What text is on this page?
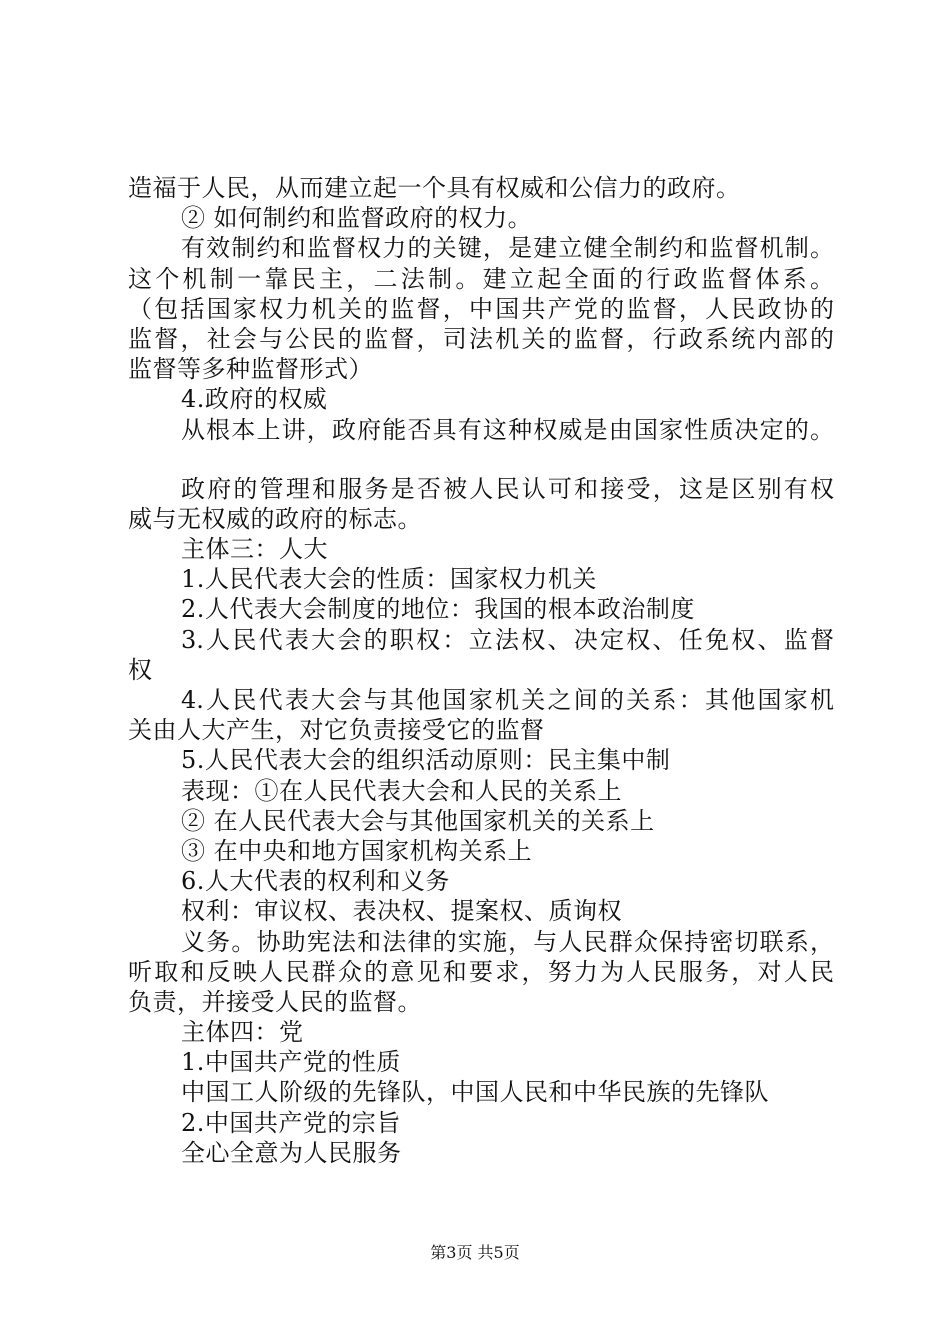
造福于人民，从而建立起一个具有权威和公信力的政府。
② 如何制约和监督政府的权力。
有效制约和监督权力的关键，是建立健全制约和监督机制。
这个机制一靠民主，二法制。建立起全面的行政监督体系。
（包括国家权力机关的监督，中国共产党的监督，人民政协的
监督，社会与公民的监督，司法机关的监督，行政系统内部的
监督等多种监督形式）
4.政府的权威
从根本上讲，政府能否具有这种权威是由国家性质决定的。
政府的管理和服务是否被人民认可和接受，这是区别有权
威与无权威的政府的标志。
主体三：人大
1.人民代表大会的性质：国家权力机关
2.人代表大会制度的地位：我国的根本政治制度
3.人民代表大会的职权：立法权、决定权、任免权、监督
权
4.人民代表大会与其他国家机关之间的关系：其他国家机
关由人大产生，对它负责接受它的监督
5.人民代表大会的组织活动原则：民主集中制
表现：①在人民代表大会和人民的关系上
② 在人民代表大会与其他国家机关的关系上
③ 在中央和地方国家机构关系上
6.人大代表的权利和义务
权利：审议权、表决权、提案权、质询权
义务。协助宪法和法律的实施，与人民群众保持密切联系，
听取和反映人民群众的意见和要求，努力为人民服务，对人民
负责，并接受人民的监督。
主体四：党
1.中国共产党的性质
中国工人阶级的先锋队，中国人民和中华民族的先锋队
2.中国共产党的宗旨
全心全意为人民服务
第3页 共5页
